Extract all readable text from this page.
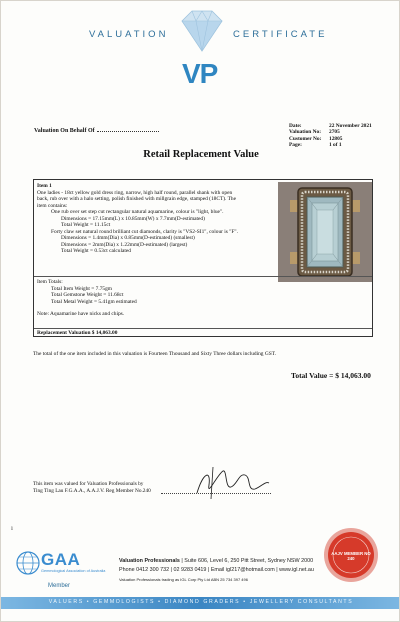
VALUATION	CERTIFICATE
VP
Valuation On Behalf Of
Date:	22 November 2021
Valuation No:	2705
Customer No:	12805
Page:	1 of 1
Retail Replacement Value
Item 1
One ladies - 18ct yellow gold dress ring, narrow, high half round, parallel shank with open
back, rub over with a halo setting, polish finished with millgrain edge, stamped (18CT). The
item contains:
One rub over set step cut rectangular natural aquamarine, colour is "light, blue".
Dimensions = 17.15mm(L) x 10.85mm(W) x 7.7mm(D-estimated)
Total Weight = 11.15ct
Forty claw set natural round brilliant cut diamonds, clarity is "VS2-SI1", colour is "F".
Dimensions = 1.4mm(Dia) x 0.85mm(D-estimated) (smallest)
Dimensions = 2mm(Dia) x 1.22mm(D-estimated) (largest)
Total Weight = 0.53ct calculated
Item Totals:
Total Item Weight = 7.75gm
Total Gemstone Weight = 11.68ct
Total Metal Weight = 5.41gm estimated
Note: Aquamarine have nicks and chips.
Replacement Valuation $ 14,063.00
The total of the one item included in this valuation is Fourteen Thousand and Sixty Three dollars including GST.
Total Value = $ 14,063.00
This item was valued for Valuation Professionals by
Ting Ting Lau F.G.A.A., A.A.J.V. Reg Member No.240
ı
GAA
Gemmological Association of Australia
Member
Valuation Professionals | Suite 606, Level 6, 250 Pitt Street, Sydney NSW 2000
Phone 0412 300 732 | 02 9283 0419 | Email igl217@hotmail.com | www.igl.net.au
Valuation Professionals trading as IGL Corp Pty Ltd ABN 25 734 397 496
AAJV MEMBER NO
240
VALUERS • GEMMOLOGISTS • DIAMOND GRADERS • JEWELLERY CONSULTANTS
